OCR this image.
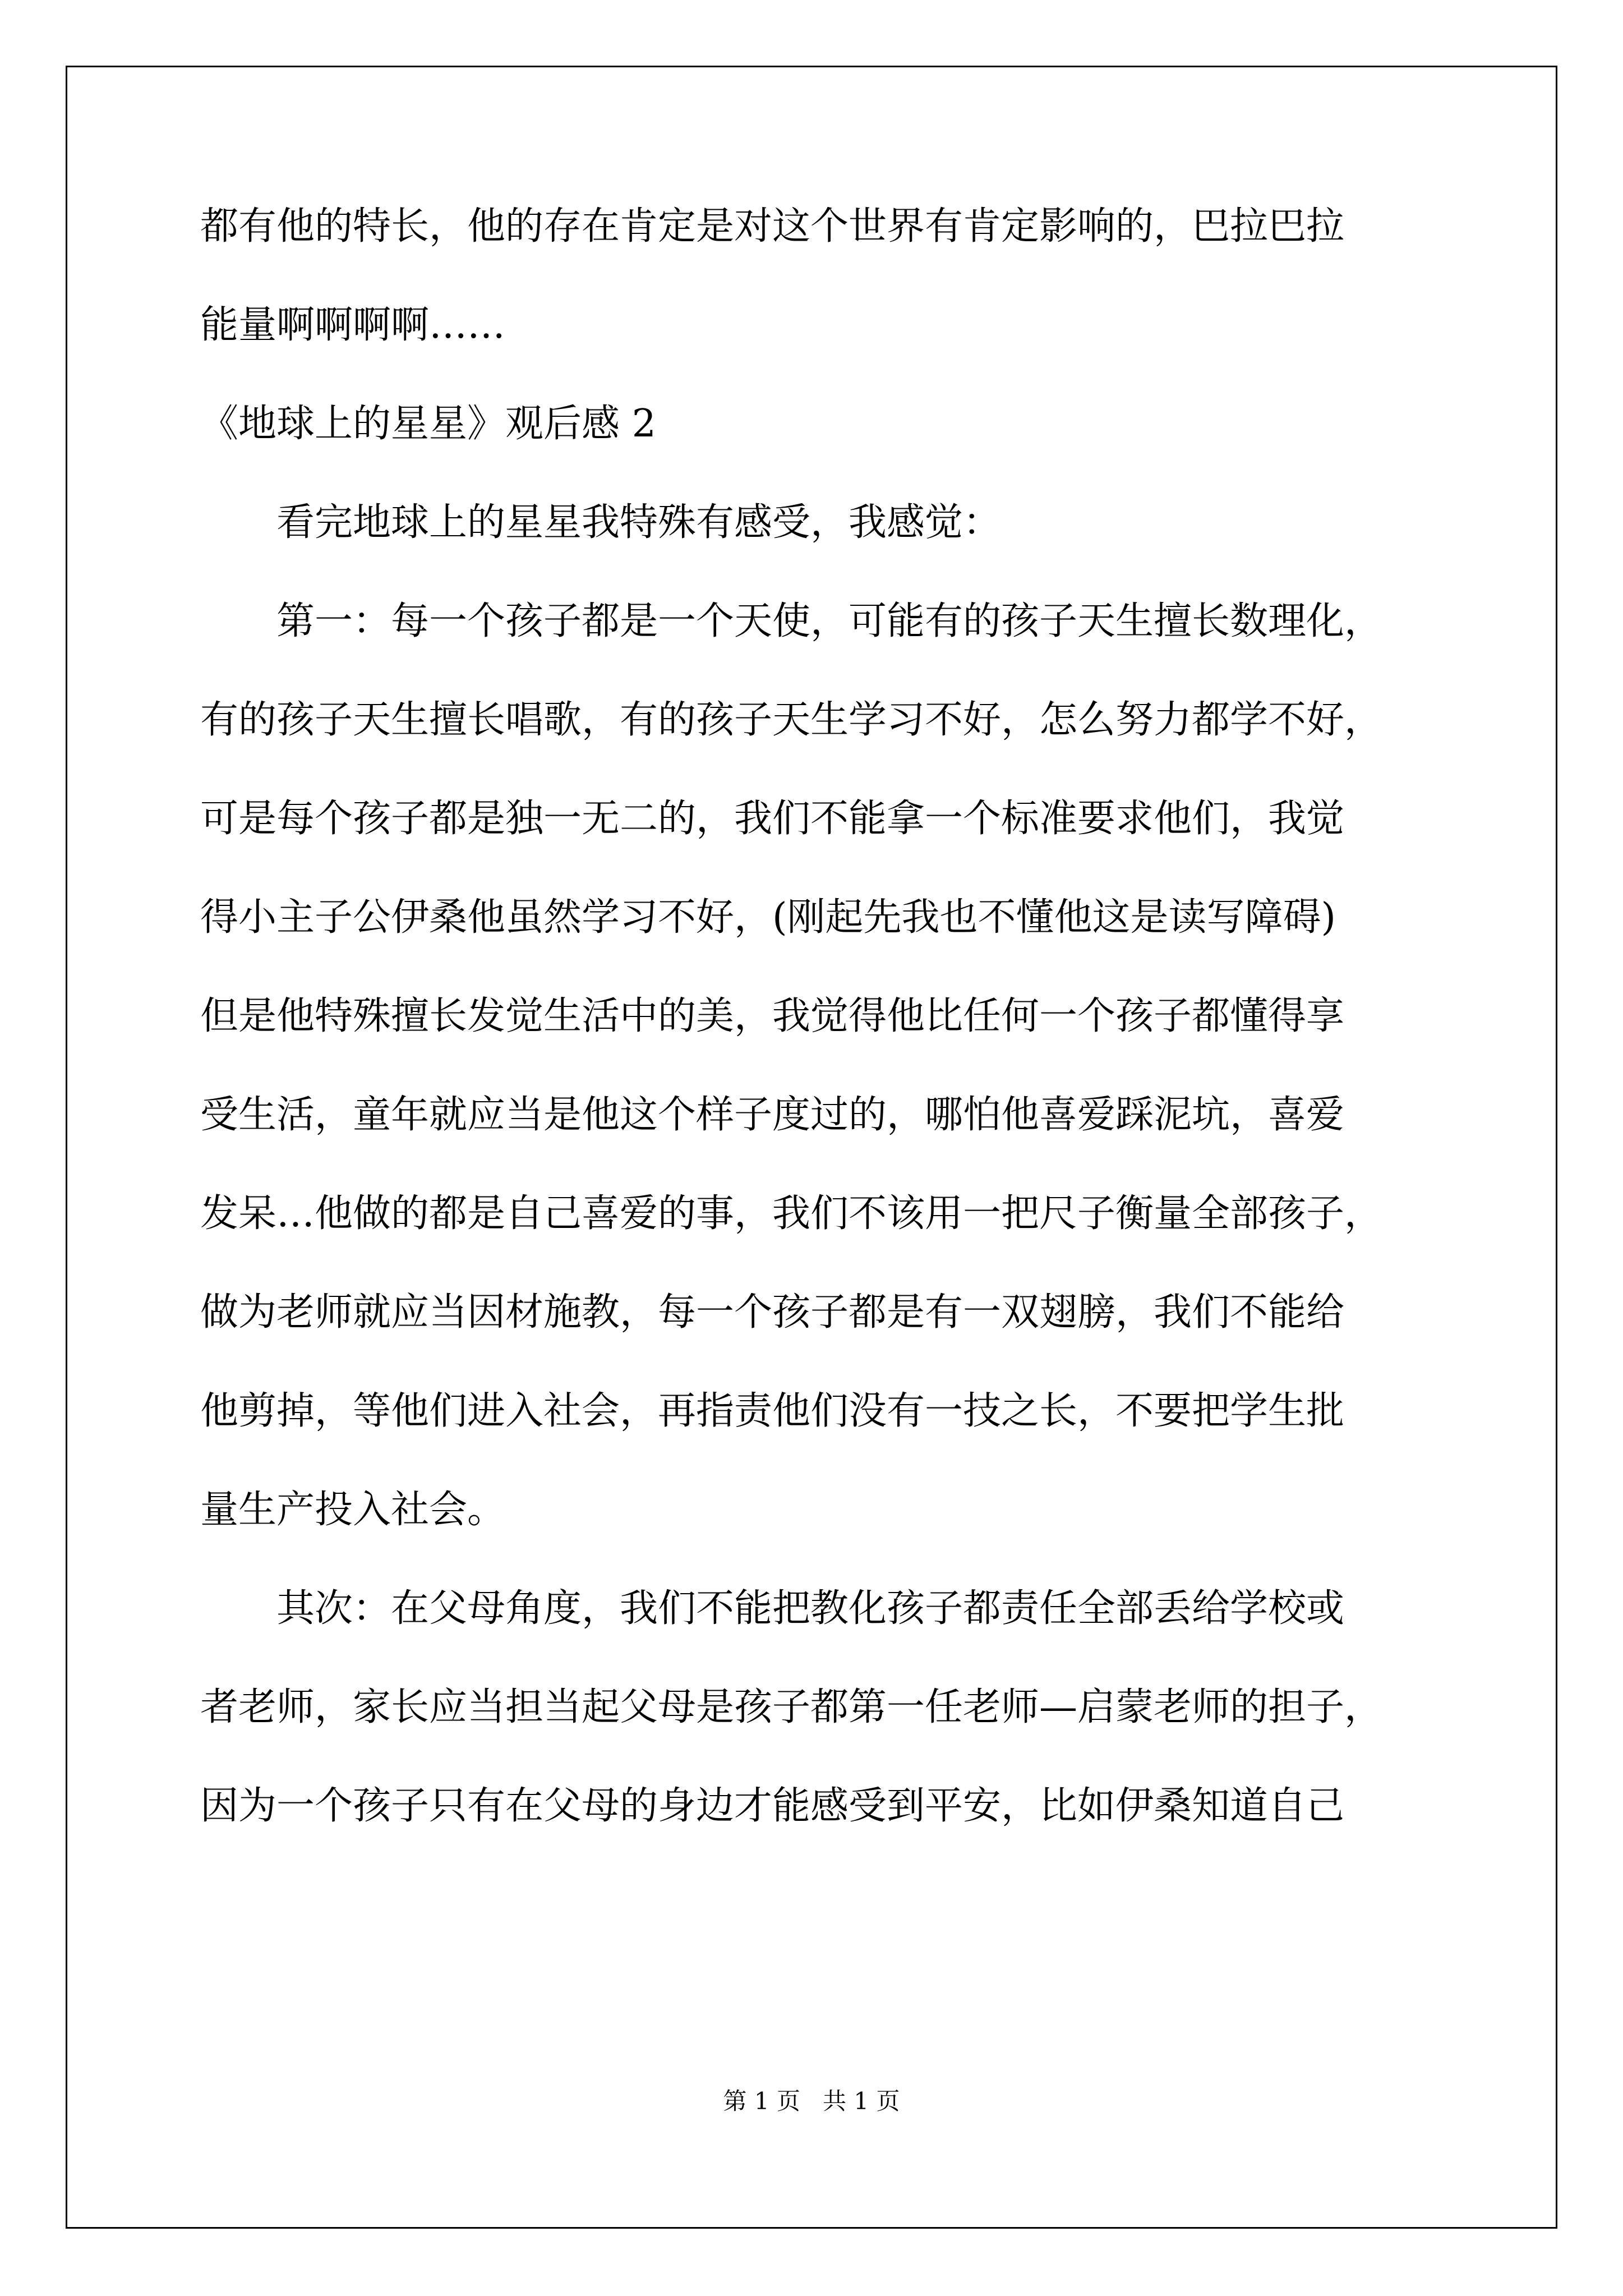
都有他的特长，他的存在肯定是对这个世界有肯定影响的，巴拉巴拉

能量啊啊啊啊……

《地球上的星星》观后感 2

　　看完地球上的星星我特殊有感受，我感觉：

　　第一：每一个孩子都是一个天使，可能有的孩子天生擅长数理化，

有的孩子天生擅长唱歌，有的孩子天生学习不好，怎么努力都学不好，

可是每个孩子都是独一无二的，我们不能拿一个标准要求他们，我觉

得小主子公伊桑他虽然学习不好，(刚起先我也不懂他这是读写障碍)

但是他特殊擅长发觉生活中的美，我觉得他比任何一个孩子都懂得享

受生活，童年就应当是他这个样子度过的，哪怕他喜爱踩泥坑，喜爱

发呆…他做的都是自己喜爱的事，我们不该用一把尺子衡量全部孩子，

做为老师就应当因材施教，每一个孩子都是有一双翅膀，我们不能给

他剪掉，等他们进入社会，再指责他们没有一技之长，不要把学生批

量生产投入社会。

　　其次：在父母角度，我们不能把教化孩子都责任全部丢给学校或

者老师，家长应当担当起父母是孩子都第一任老师—启蒙老师的担子，

因为一个孩子只有在父母的身边才能感受到平安，比如伊桑知道自己

第 1 页   共 1 页
